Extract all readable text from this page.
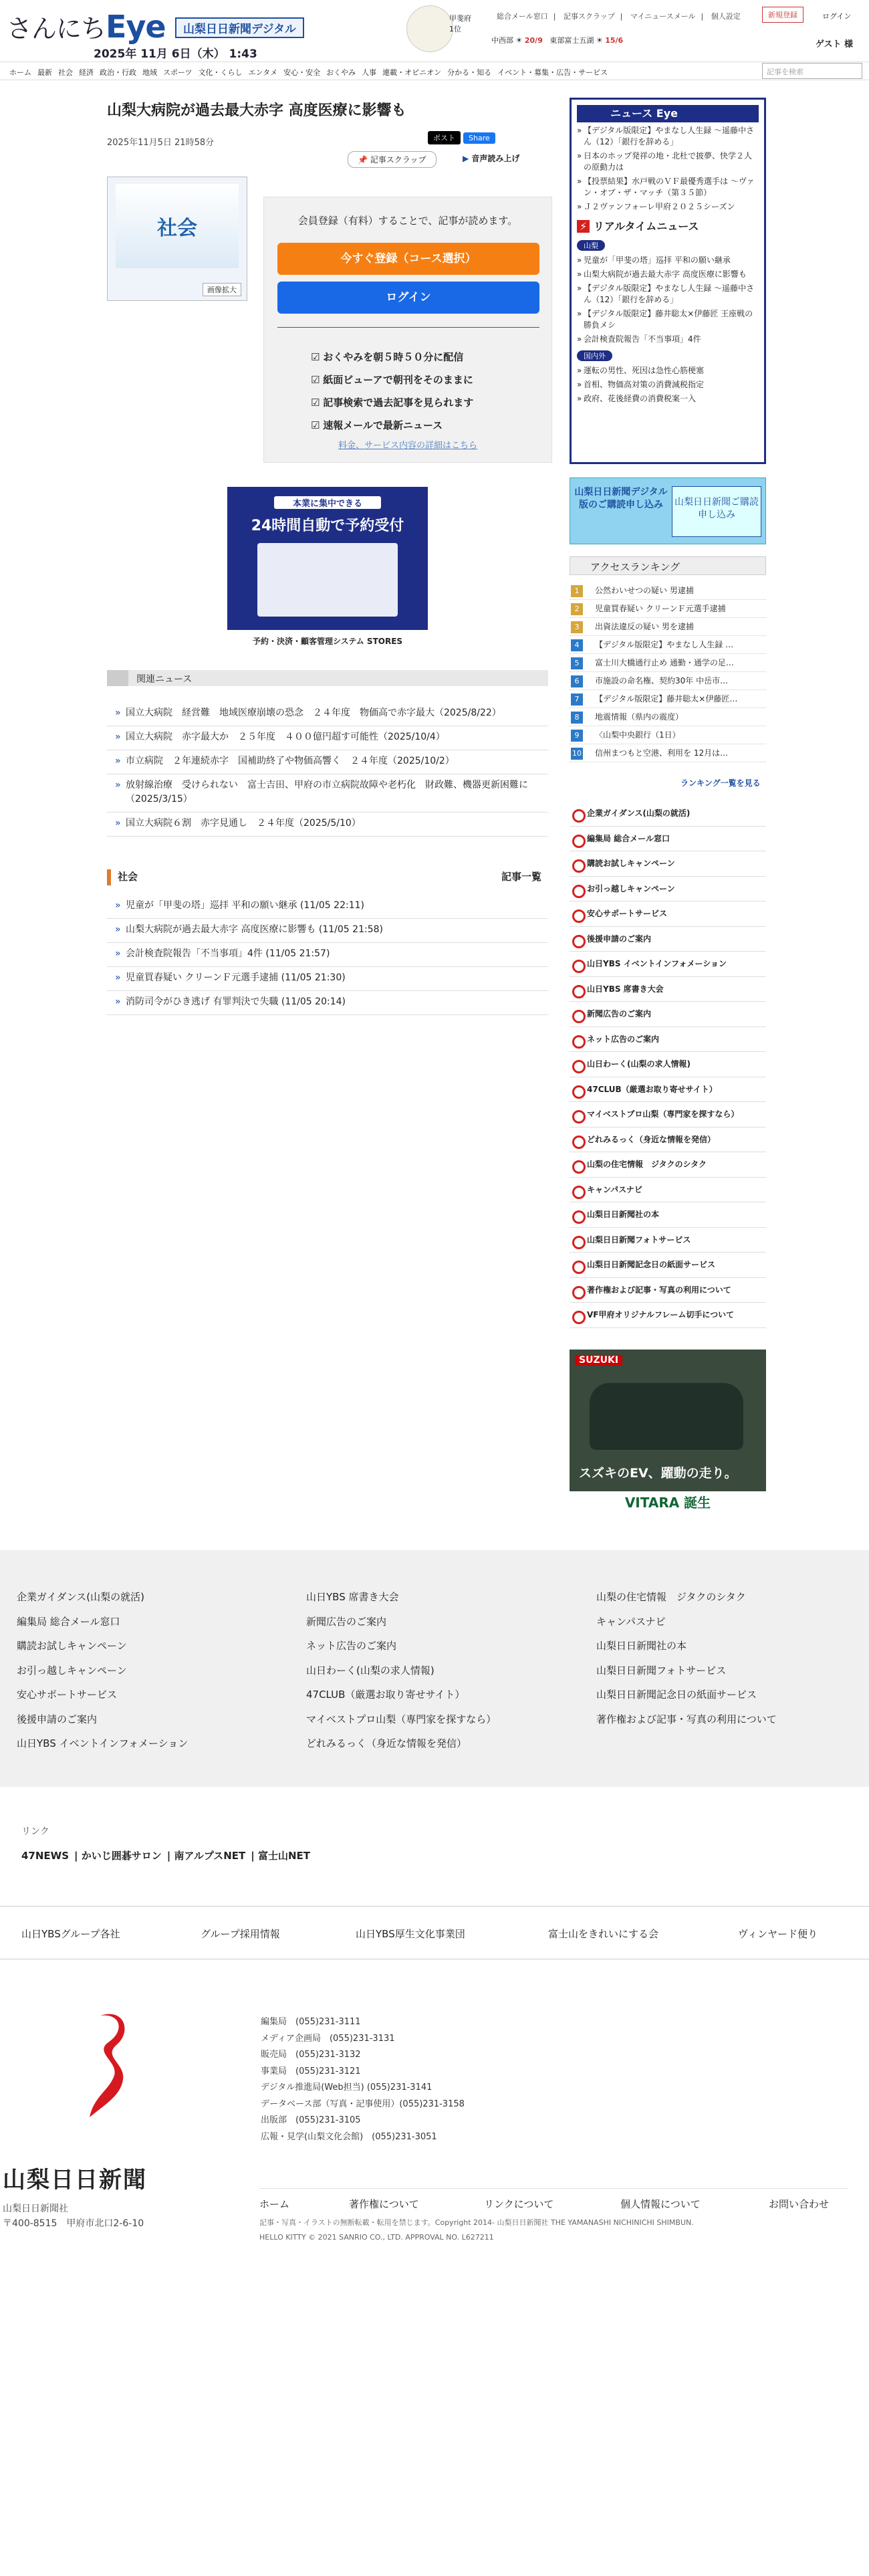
さんにちEye	山梨日日新聞デジタル
2025年 11月 6日（木） 1:43
甲斐府
1位
総合メール窓口 | 記事スクラップ | マイニュースメール | 個人設定	新規登録	ログイン
中西部 ☀ 20/9 東部富士五湖 ☀ 15/6	ゲスト 様
ホーム 最新 社会 経済 政治・行政 地域 スポーツ 文化・くらし エンタメ 安心・安全 おくやみ 人事 連載・オピニオン 分かる・知る イベント・募集・広告・サービス	記事を検索
山梨大病院が過去最大赤字 高度医療に影響も
2025年11月5日 21時58分	ポスト Share
📌 記事スクラップ	▶ 音声読み上げ
社会
画像拡大
会員登録（有料）することで、記事が読めます。
今すぐ登録（コース選択）
ログイン
☑ おくやみを朝５時５０分に配信
☑ 紙面ビューアで朝刊をそのままに
☑ 記事検索で過去記事を見られます
☑ 速報メールで最新ニュース
料金、サービス内容の詳細はこちら
本業に集中できる
24時間自動で予約受付
予約・決済・顧客管理システム STORES
関連ニュース
» 国立大病院　経営難　地域医療崩壊の恐念　２４年度　物価高で赤字最大（2025/8/22）
» 国立大病院　赤字最大か　２５年度　４００億円超す可能性（2025/10/4）
» 市立病院　２年連続赤字　国補助終了や物価高響く　２４年度（2025/10/2）
» 放射線治療　受けられない　富士吉田、甲府の市立病院故障や老朽化　財政難、機器更新困難に（2025/3/15）
» 国立大病院６割　赤字見通し　２４年度（2025/5/10）
社会	記事一覧
» 児童が「甲斐の塔」巡拝 平和の願い継承 (11/05 22:11)
» 山梨大病院が過去最大赤字 高度医療に影響も (11/05 21:58)
» 会計検査院報告「不当事項」4件 (11/05 21:57)
» 児童買春疑い クリーンＦ元選手逮捕 (11/05 21:30)
» 消防司令がひき逃げ 有罪判決で失職 (11/05 20:14)
ニュース Eye
» 【デジタル版限定】やまなし人生録 〜遥藤中さん（12）「銀行を辞める」
» 日本のホップ発祥の地・北杜で披夢、快学２人の原動力は
» 【投票結果】水戸戦のＶＦ最優秀選手は 〜ヴァン・オブ・ザ・マッチ（第３５節）
» Ｊ２ヴァンフォーレ甲府２０２５シーズン
⚡ リアルタイムニュース
山梨
» 児童が「甲斐の塔」巡拝 平和の願い継承
» 山梨大病院が過去最大赤字 高度医療に影響も
» 【デジタル版限定】やまなし人生録 〜遥藤中さん（12）「銀行を辞める」
» 【デジタル版限定】藤井聡太×伊藤匠 王座戦の勝負メシ
» 会計検査院報告「不当事項」4件
国内外
» 運転の男性、死因は急性心筋梗塞
» 首相、物価高対策の消費減税指定
» 政府、花後経費の消費税案一入
山梨日日新聞デジタル版のご購読申し込み	山梨日日新聞ご購読申し込み
アクセスランキング
1	公然わいせつの疑い 男逮捕
2	児童買春疑い クリーンＦ元選手逮捕
3	出資法違反の疑い 男を逮捕
4	【デジタル版限定】やまなし人生録 …
5	富士川大橋通行止め 通勤・通学の足…
6	市施設の命名権、契約30年 中岳市…
7	【デジタル版限定】藤井聡太×伊藤匠…
8	地震情報（県内の震度）
9	〈山梨中央銀行（1日）
10 信州まつもと空港、利用を 12月は…
ランキング一覧を見る
企業ガイダンス(山梨の就活)
編集局 総合メール窓口
購読お試しキャンペーン
お引っ越しキャンペーン
安心サポートサービス
後援申請のご案内
山日YBS イベントインフォメーション
山日YBS 席書き大会
新聞広告のご案内
ネット広告のご案内
山日わーく(山梨の求人情報)
47CLUB（厳選お取り寄せサイト）
マイベストプロ山梨（専門家を探すなら）
どれみるっく（身近な情報を発信）
山梨の住宅情報　ジタクのシタク
キャンパスナビ
山梨日日新聞社の本
山梨日日新聞フォトサービス
山梨日日新聞記念日の紙面サービス
著作権および記事・写真の利用について
VF甲府オリジナルフレーム切手について
SUZUKI
スズキのEV、躍動の走り。
VITARA 誕生
企業ガイダンス(山梨の就活)
編集局 総合メール窓口
購読お試しキャンペーン
お引っ越しキャンペーン
安心サポートサービス
後援申請のご案内
山日YBS イベントインフォメーション
山日YBS 席書き大会
新聞広告のご案内
ネット広告のご案内
山日わーく(山梨の求人情報)
47CLUB（厳選お取り寄せサイト）
マイベストプロ山梨（専門家を探すなら）
どれみるっく（身近な情報を発信）
山梨の住宅情報　ジタクのシタク
キャンパスナビ
山梨日日新聞社の本
山梨日日新聞フォトサービス
山梨日日新聞記念日の紙面サービス
著作権および記事・写真の利用について
リンク
47NEWS | かいじ囲碁サロン | 南アルプスNET | 富士山NET
山日YBSグループ各社	グループ採用情報	山日YBS厚生文化事業団	富士山をきれいにする会	ヴィンヤード便り
山梨日日新聞
山梨日日新聞社
〒400-8515　甲府市北口2-6-10
編集局　(055)231-3111
メディア企画局　(055)231-3131
販売局　(055)231-3132
事業局　(055)231-3121
デジタル推進局(Web担当) (055)231-3141
データベース部（写真・記事使用）(055)231-3158
出版部　(055)231-3105
広報・見学(山梨文化会館)　(055)231-3051
ホーム	著作権について	リンクについて	個人情報について	お問い合わせ
記事・写真・イラストの無断転載・転用を禁じます。Copyright 2014- 山梨日日新聞社 THE YAMANASHI NICHINICHI SHIMBUN.
HELLO KITTY © 2021 SANRIO CO., LTD. APPROVAL NO. L627211
